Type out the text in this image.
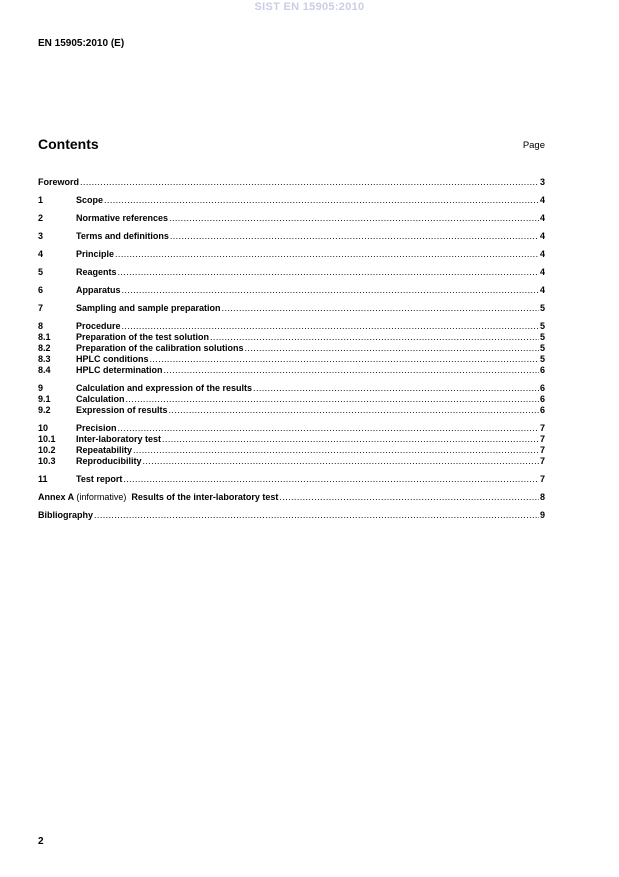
SIST EN 15905:2010
EN 15905:2010 (E)
Contents	Page
Foreword .....	3
1	Scope .....	4
2	Normative references .....	4
3	Terms and definitions .....	4
4	Principle .....	4
5	Reagents .....	4
6	Apparatus .....	4
7	Sampling and sample preparation .....	5
8	Procedure .....	5
8.1	Preparation of the test solution .....	5
8.2	Preparation of the calibration solutions .....	5
8.3	HPLC conditions .....	5
8.4	HPLC determination .....	6
9	Calculation and expression of the results .....	6
9.1	Calculation .....	6
9.2	Expression of results .....	6
10	Precision .....	7
10.1	Inter-laboratory test .....	7
10.2	Repeatability .....	7
10.3	Reproducibility .....	7
11	Test report .....	7
Annex A (informative) Results of the inter-laboratory test .....	8
Bibliography .....	9
2
